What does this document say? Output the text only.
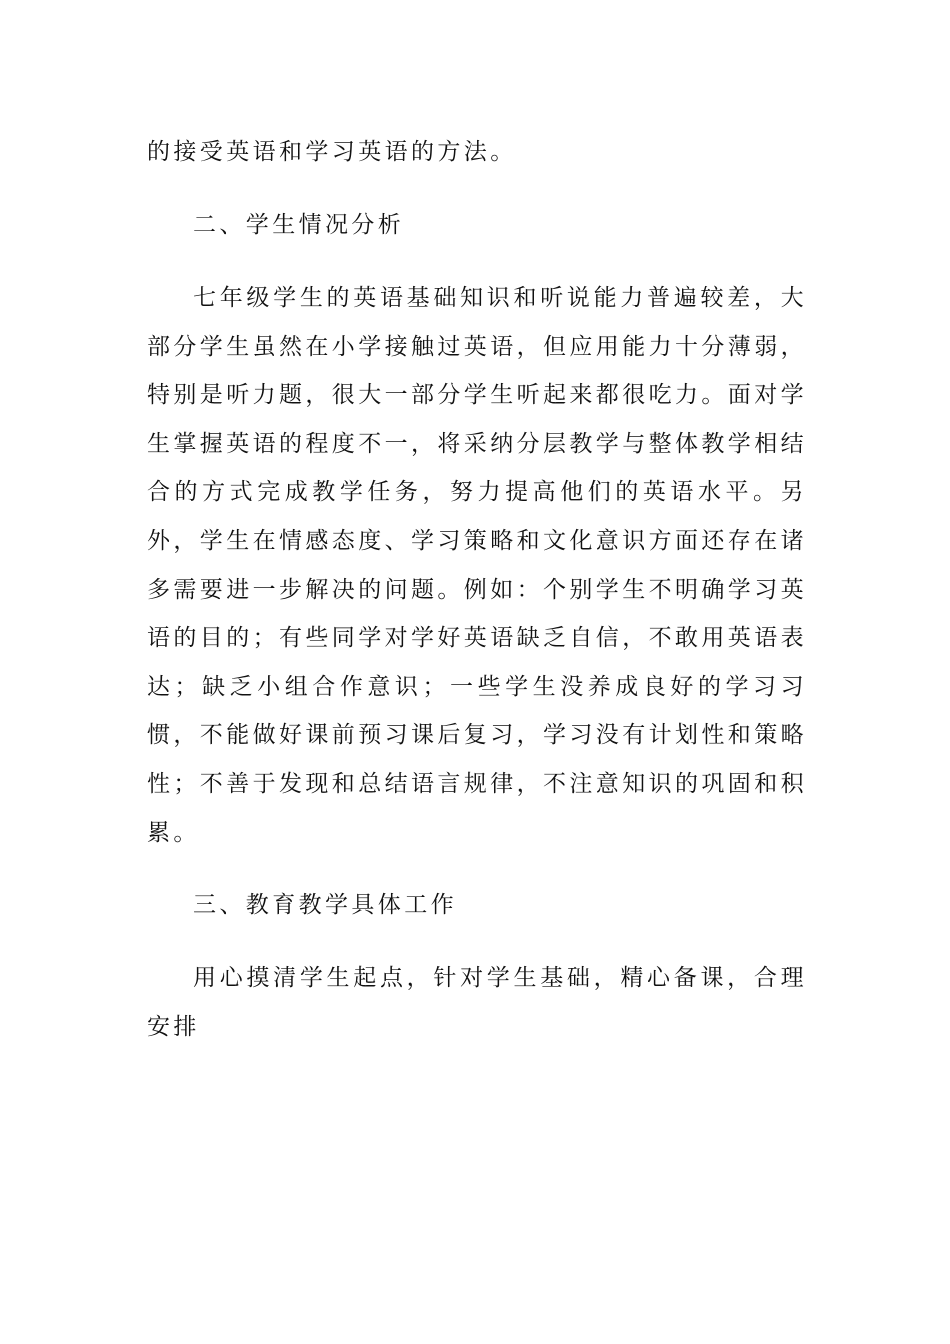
的接受英语和学习英语的方法。

二、学生情况分析

七年级学生的英语基础知识和听说能力普遍较差，大部分学生虽然在小学接触过英语，但应用能力十分薄弱，特别是听力题，很大一部分学生听起来都很吃力。面对学生掌握英语的程度不一，将采纳分层教学与整体教学相结合的方式完成教学任务，努力提高他们的英语水平。另外，学生在情感态度、学习策略和文化意识方面还存在诸多需要进一步解决的问题。例如：个别学生不明确学习英语的目的；有些同学对学好英语缺乏自信，不敢用英语表达；缺乏小组合作意识；一些学生没养成良好的学习习惯，不能做好课前预习课后复习，学习没有计划性和策略性；不善于发现和总结语言规律，不注意知识的巩固和积累。

三、教育教学具体工作

用心摸清学生起点，针对学生基础，精心备课，合理安排
